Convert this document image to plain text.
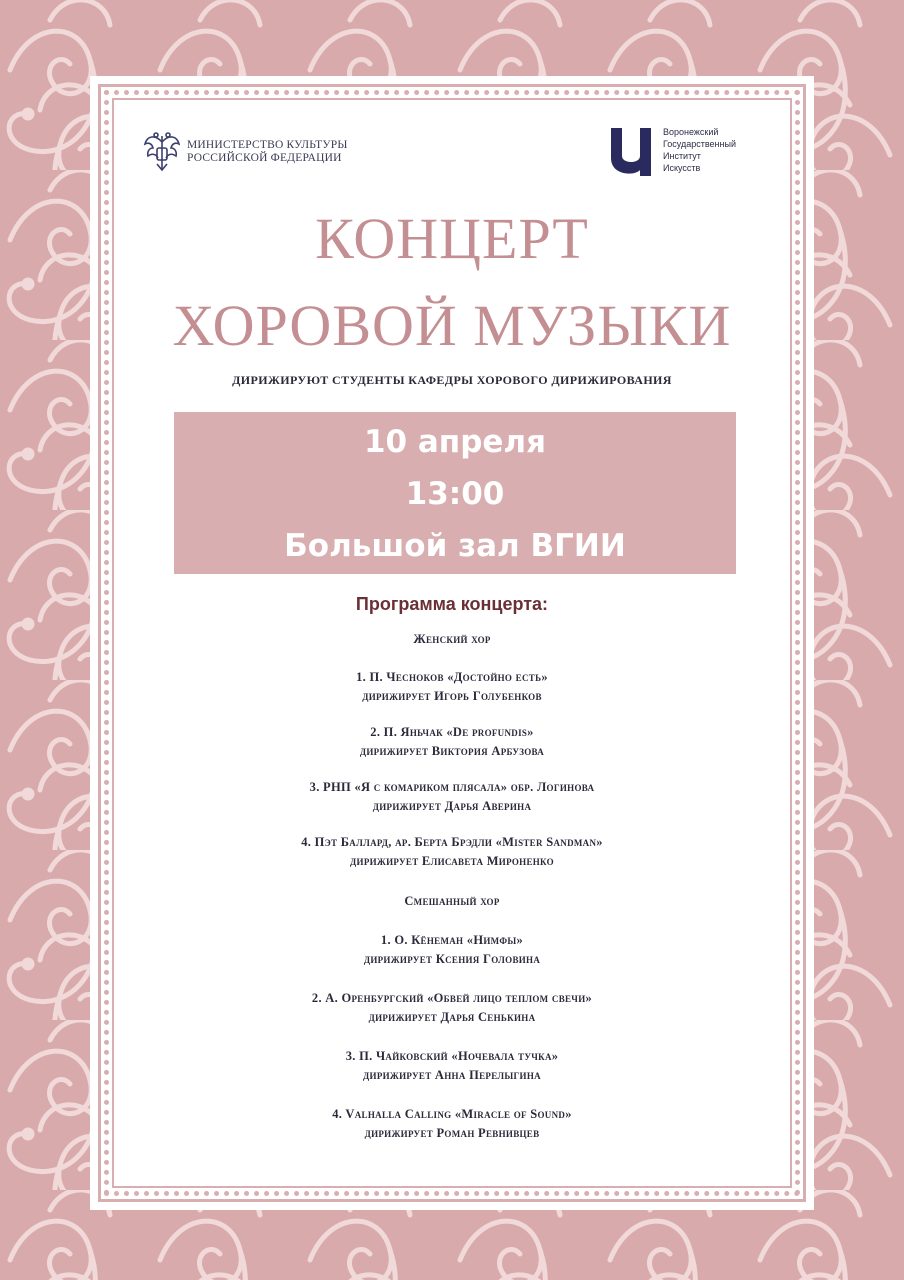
МИНИСТЕРСТВО КУЛЬТУРЫ
РОССИЙСКОЙ ФЕДЕРАЦИИ
Воронежский
Государственный
Институт
Искусств
КОНЦЕРТ
ХОРОВОЙ МУЗЫКИ
ДИРИЖИРУЮТ СТУДЕНТЫ КАФЕДРЫ ХОРОВОГО ДИРИЖИРОВАНИЯ
10 апреля
13:00
Большой зал ВГИИ
Программа концерта:
Женский хор
1. П. Чесноков «Достойно есть»
дирижирует Игорь Голубенков
2. П. Яньчак «De profundis»
дирижирует Виктория Арбузова
3. РНП «Я с комариком плясала» обр. Логинова
дирижирует Дарья Аверина
4. Пэт Баллард, ар. Берта Брэдли «Mister Sandman»
дирижирует Елисавета Мироненко
Смешанный хор
1. О. Кёнеман «Нимфы»
дирижирует Ксения Головина
2. А. Оренбургский «Обвей лицо теплом свечи»
дирижирует Дарья Сенькина
3. П. Чайковский «Ночевала тучка»
дирижирует Анна Перелыгина
4. Valhalla Calling «Miracle of Sound»
дирижирует Роман Ревнивцев
